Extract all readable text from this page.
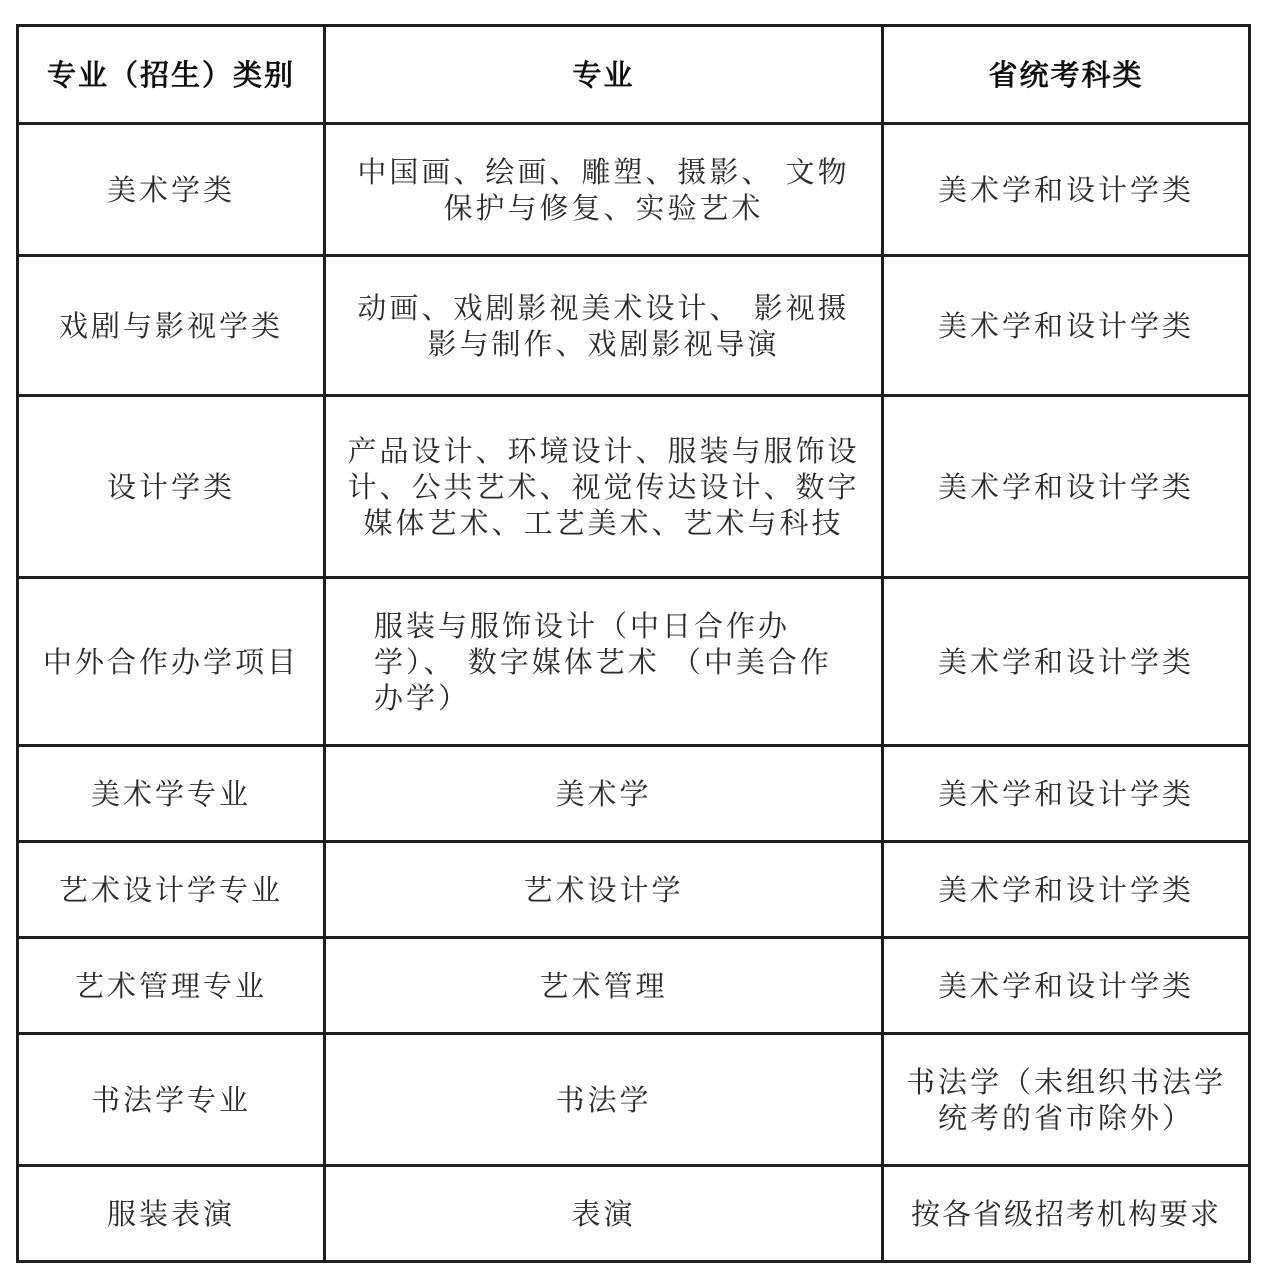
专业（招生）类别	专业	省统考科类
美术学类	中国画、绘画、雕塑、摄影、 文物保护与修复、实验艺术	美术学和设计学类
戏剧与影视学类	动画、戏剧影视美术设计、 影视摄影与制作、戏剧影视导演	美术学和设计学类
设计学类	产品设计、环境设计、服装与服饰设计、公共艺术、视觉传达设计、数字媒体艺术、工艺美术、艺术与科技	美术学和设计学类
中外合作办学项目	服装与服饰设计（中日合作办学）、 数字媒体艺术 （中美合作办学）	美术学和设计学类
美术学专业	美术学	美术学和设计学类
艺术设计学专业	艺术设计学	美术学和设计学类
艺术管理专业	艺术管理	美术学和设计学类
书法学专业	书法学	书法学（未组织书法学统考的省市除外）
服装表演	表演	按各省级招考机构要求
